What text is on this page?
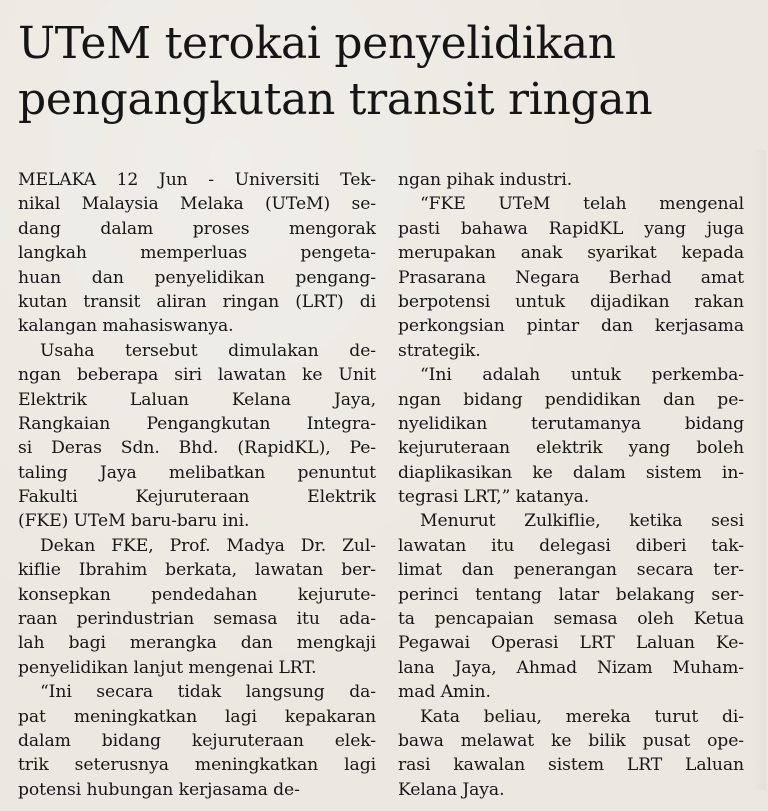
UTeM terokai penyelidikan
pengangkutan transit ringan
MELAKA 12 Jun - Universiti Tek-
nikal Malaysia Melaka (UTeM) se-
dang dalam proses mengorak
langkah memperluas pengeta-
huan dan penyelidikan pengang-
kutan transit aliran ringan (LRT) di
kalangan mahasiswanya.
Usaha tersebut dimulakan de-
ngan beberapa siri lawatan ke Unit
Elektrik Laluan Kelana Jaya,
Rangkaian Pengangkutan Integra-
si Deras Sdn. Bhd. (RapidKL), Pe-
taling Jaya melibatkan penuntut
Fakulti Kejuruteraan Elektrik
(FKE) UTeM baru-baru ini.
Dekan FKE, Prof. Madya Dr. Zul-
kiflie Ibrahim berkata, lawatan ber-
konsepkan pendedahan kejurute-
raan perindustrian semasa itu ada-
lah bagi merangka dan mengkaji
penyelidikan lanjut mengenai LRT.
“Ini secara tidak langsung da-
pat meningkatkan lagi kepakaran
dalam bidang kejuruteraan elek-
trik seterusnya meningkatkan lagi
potensi hubungan kerjasama de-
ngan pihak industri.
“FKE UTeM telah mengenal
pasti bahawa RapidKL yang juga
merupakan anak syarikat kepada
Prasarana Negara Berhad amat
berpotensi untuk dijadikan rakan
perkongsian pintar dan kerjasama
strategik.
“Ini adalah untuk perkemba-
ngan bidang pendidikan dan pe-
nyelidikan terutamanya bidang
kejuruteraan elektrik yang boleh
diaplikasikan ke dalam sistem in-
tegrasi LRT,” katanya.
Menurut Zulkiflie, ketika sesi
lawatan itu delegasi diberi tak-
limat dan penerangan secara ter-
perinci tentang latar belakang ser-
ta pencapaian semasa oleh Ketua
Pegawai Operasi LRT Laluan Ke-
lana Jaya, Ahmad Nizam Muham-
mad Amin.
Kata beliau, mereka turut di-
bawa melawat ke bilik pusat ope-
rasi kawalan sistem LRT Laluan
Kelana Jaya.
